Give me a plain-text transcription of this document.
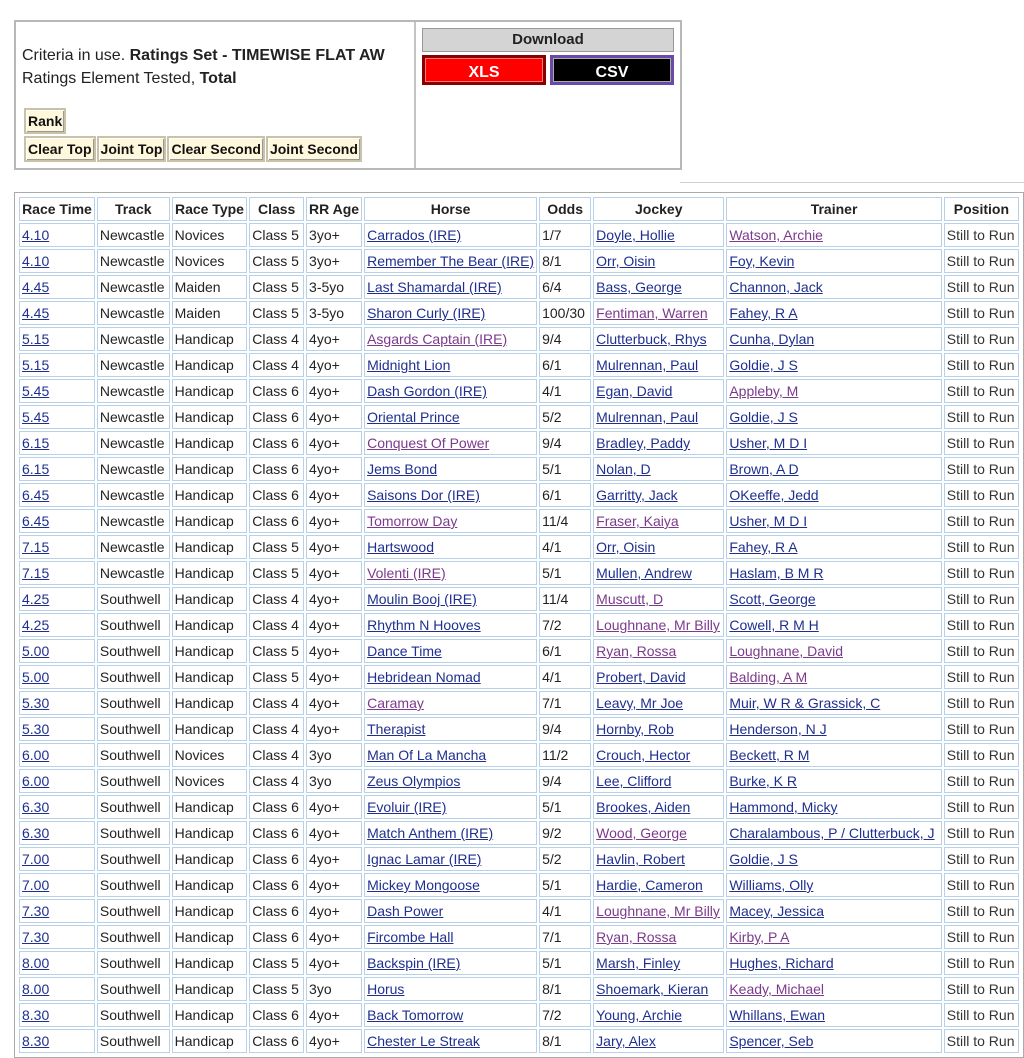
Criteria in use. Ratings Set - TIMEWISE FLAT AW
Ratings Element Tested, Total
Rank
Clear Top Joint Top Clear Second Joint Second
Download
XLS	CSV
Race Time	Track	Race Type	Class	RR Age	Horse	Odds	Jockey	Trainer	Position
4.10	Newcastle	Novices	Class 5	3yo+	Carrados (IRE)	1/7	Doyle, Hollie	Watson, Archie	Still to Run
4.10	Newcastle	Novices	Class 5	3yo+	Remember The Bear (IRE)	8/1	Orr, Oisin	Foy, Kevin	Still to Run
4.45	Newcastle	Maiden	Class 5	3-5yo	Last Shamardal (IRE)	6/4	Bass, George	Channon, Jack	Still to Run
4.45	Newcastle	Maiden	Class 5	3-5yo	Sharon Curly (IRE)	100/30	Fentiman, Warren	Fahey, R A	Still to Run
5.15	Newcastle	Handicap	Class 4	4yo+	Asgards Captain (IRE)	9/4	Clutterbuck, Rhys	Cunha, Dylan	Still to Run
5.15	Newcastle	Handicap	Class 4	4yo+	Midnight Lion	6/1	Mulrennan, Paul	Goldie, J S	Still to Run
5.45	Newcastle	Handicap	Class 6	4yo+	Dash Gordon (IRE)	4/1	Egan, David	Appleby, M	Still to Run
5.45	Newcastle	Handicap	Class 6	4yo+	Oriental Prince	5/2	Mulrennan, Paul	Goldie, J S	Still to Run
6.15	Newcastle	Handicap	Class 6	4yo+	Conquest Of Power	9/4	Bradley, Paddy	Usher, M D I	Still to Run
6.15	Newcastle	Handicap	Class 6	4yo+	Jems Bond	5/1	Nolan, D	Brown, A D	Still to Run
6.45	Newcastle	Handicap	Class 6	4yo+	Saisons Dor (IRE)	6/1	Garritty, Jack	OKeeffe, Jedd	Still to Run
6.45	Newcastle	Handicap	Class 6	4yo+	Tomorrow Day	11/4	Fraser, Kaiya	Usher, M D I	Still to Run
7.15	Newcastle	Handicap	Class 5	4yo+	Hartswood	4/1	Orr, Oisin	Fahey, R A	Still to Run
7.15	Newcastle	Handicap	Class 5	4yo+	Volenti (IRE)	5/1	Mullen, Andrew	Haslam, B M R	Still to Run
4.25	Southwell	Handicap	Class 4	4yo+	Moulin Booj (IRE)	11/4	Muscutt, D	Scott, George	Still to Run
4.25	Southwell	Handicap	Class 4	4yo+	Rhythm N Hooves	7/2	Loughnane, Mr Billy	Cowell, R M H	Still to Run
5.00	Southwell	Handicap	Class 5	4yo+	Dance Time	6/1	Ryan, Rossa	Loughnane, David	Still to Run
5.00	Southwell	Handicap	Class 5	4yo+	Hebridean Nomad	4/1	Probert, David	Balding, A M	Still to Run
5.30	Southwell	Handicap	Class 4	4yo+	Caramay	7/1	Leavy, Mr Joe	Muir, W R & Grassick, C	Still to Run
5.30	Southwell	Handicap	Class 4	4yo+	Therapist	9/4	Hornby, Rob	Henderson, N J	Still to Run
6.00	Southwell	Novices	Class 4	3yo	Man Of La Mancha	11/2	Crouch, Hector	Beckett, R M	Still to Run
6.00	Southwell	Novices	Class 4	3yo	Zeus Olympios	9/4	Lee, Clifford	Burke, K R	Still to Run
6.30	Southwell	Handicap	Class 6	4yo+	Evoluir (IRE)	5/1	Brookes, Aiden	Hammond, Micky	Still to Run
6.30	Southwell	Handicap	Class 6	4yo+	Match Anthem (IRE)	9/2	Wood, George	Charalambous, P / Clutterbuck, J	Still to Run
7.00	Southwell	Handicap	Class 6	4yo+	Ignac Lamar (IRE)	5/2	Havlin, Robert	Goldie, J S	Still to Run
7.00	Southwell	Handicap	Class 6	4yo+	Mickey Mongoose	5/1	Hardie, Cameron	Williams, Olly	Still to Run
7.30	Southwell	Handicap	Class 6	4yo+	Dash Power	4/1	Loughnane, Mr Billy	Macey, Jessica	Still to Run
7.30	Southwell	Handicap	Class 6	4yo+	Fircombe Hall	7/1	Ryan, Rossa	Kirby, P A	Still to Run
8.00	Southwell	Handicap	Class 5	4yo+	Backspin (IRE)	5/1	Marsh, Finley	Hughes, Richard	Still to Run
8.00	Southwell	Handicap	Class 5	3yo	Horus	8/1	Shoemark, Kieran	Keady, Michael	Still to Run
8.30	Southwell	Handicap	Class 6	4yo+	Back Tomorrow	7/2	Young, Archie	Whillans, Ewan	Still to Run
8.30	Southwell	Handicap	Class 6	4yo+	Chester Le Streak	8/1	Jary, Alex	Spencer, Seb	Still to Run
